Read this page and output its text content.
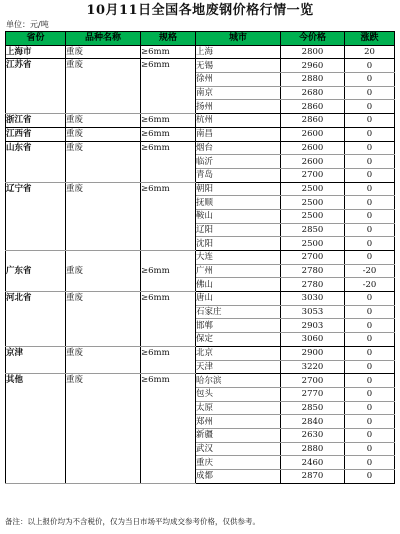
10月11日全国各地废钢价格行情一览
单位：元/吨
省份	品种名称	规格	城市	今价格	涨跌
上海市	重废	≥6mm	上海	2800	20
江苏省	重废	≥6mm	无锡	2960	0
			徐州	2880	0
			南京	2680	0
			扬州	2860	0
浙江省	重废	≥6mm	杭州	2860	0
江西省	重废	≥6mm	南昌	2600	0
山东省	重废	≥6mm	烟台	2600	0
			临沂	2600	0
			青岛	2700	0
辽宁省	重废	≥6mm	朝阳	2500	0
			抚顺	2500	0
			鞍山	2500	0
			辽阳	2850	0
			沈阳	2500	0
广东省	重废	≥6mm	大连	2700	0
			广州	2780	-20
			佛山	2780	-20
河北省	重废	≥6mm	唐山	3030	0
			石家庄	3053	0
			邯郸	2903	0
			保定	3060	0
京津	重废	≥6mm	北京	2900	0
			天津	3220	0
其他	重废	≥6mm	哈尔滨	2700	0
			包头	2770	0
			太原	2850	0
			郑州	2840	0
			新疆	2630	0
			武汉	2880	0
			重庆	2460	0
			成都	2870	0
备注：以上报价均为不含税价，仅为当日市场平均成交参考价格，仅供参考。
